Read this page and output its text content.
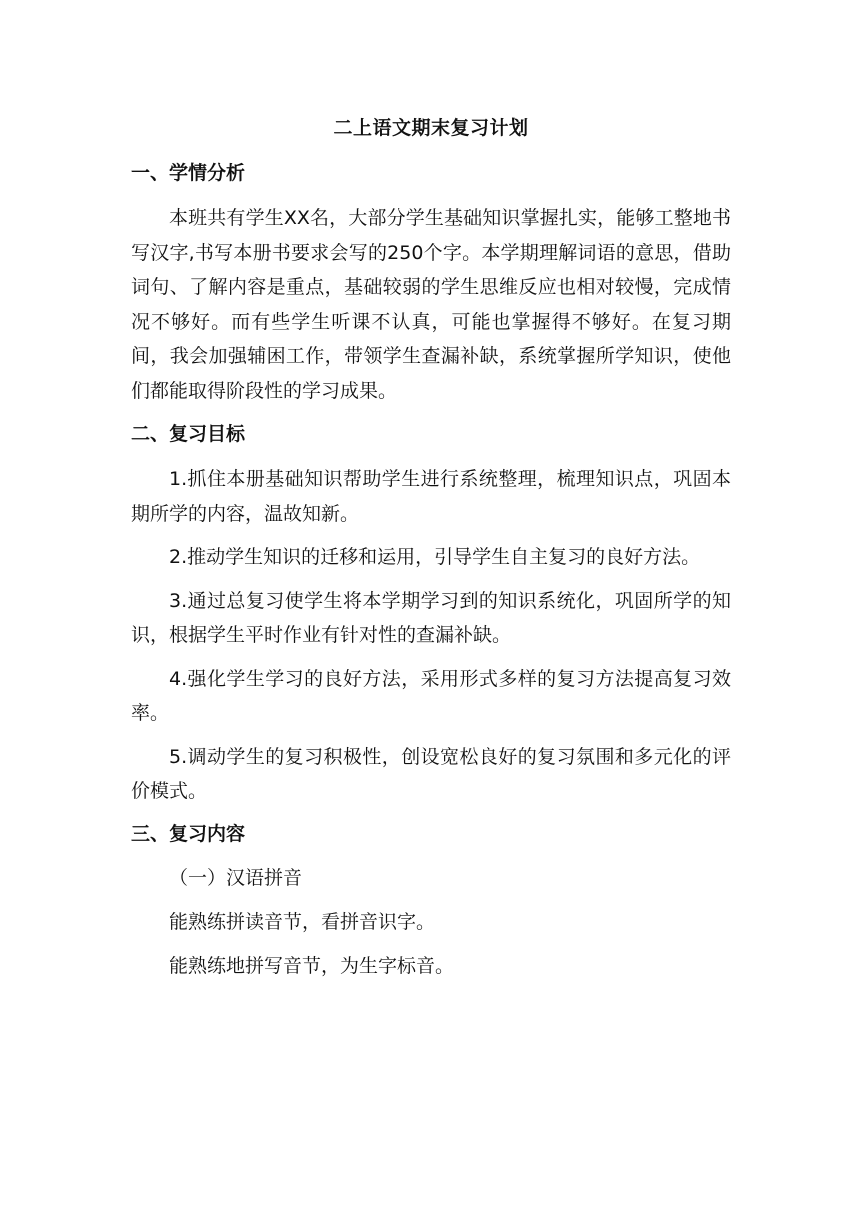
二上语文期末复习计划
一、学情分析

本班共有学生XX名，大部分学生基础知识掌握扎实，能够工整地书写汉字,书写本册书要求会写的250个字。本学期理解词语的意思，借助词句、了解内容是重点，基础较弱的学生思维反应也相对较慢，完成情况不够好。而有些学生听课不认真，可能也掌握得不够好。在复习期间，我会加强辅困工作，带领学生查漏补缺，系统掌握所学知识，使他们都能取得阶段性的学习成果。

二、复习目标

1.抓住本册基础知识帮助学生进行系统整理，梳理知识点，巩固本期所学的内容，温故知新。

2.推动学生知识的迁移和运用，引导学生自主复习的良好方法。

3.通过总复习使学生将本学期学习到的知识系统化，巩固所学的知识，根据学生平时作业有针对性的查漏补缺。

4.强化学生学习的良好方法，采用形式多样的复习方法提高复习效率。

5.调动学生的复习积极性，创设宽松良好的复习氛围和多元化的评价模式。

三、复习内容
（一）汉语拼音
能熟练拼读音节，看拼音识字。
能熟练地拼写音节，为生字标音。
